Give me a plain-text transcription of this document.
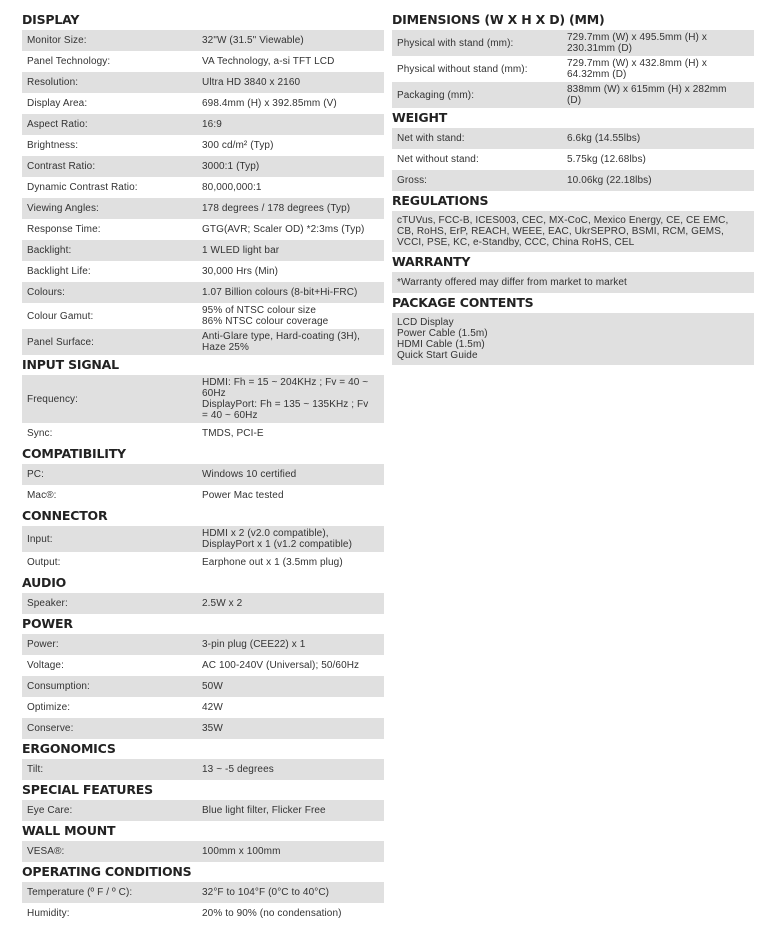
DISPLAY
Monitor Size:	32"W (31.5" Viewable)
Panel Technology:	VA Technology, a-si TFT LCD
Resolution:	Ultra HD 3840 x 2160
Display Area:	698.4mm (H) x 392.85mm (V)
Aspect Ratio:	16:9
Brightness:	300 cd/m² (Typ)
Contrast Ratio:	3000:1 (Typ)
Dynamic Contrast Ratio:	80,000,000:1
Viewing Angles:	178 degrees / 178 degrees (Typ)
Response Time:	GTG(AVR; Scaler OD) *2:3ms (Typ)
Backlight:	1 WLED light bar
Backlight Life:	30,000 Hrs (Min)
Colours:	1.07 Billion colours (8-bit+Hi-FRC)
Colour Gamut:	95% of NTSC colour size
86% NTSC colour coverage
Panel Surface:	Anti-Glare type, Hard-coating (3H),
Haze 25%
INPUT SIGNAL
Frequency:	HDMI: Fh = 15 ~ 204KHz ; Fv = 40 ~
60Hz
DisplayPort: Fh = 135 ~ 135KHz ; Fv
= 40 ~ 60Hz
Sync:	TMDS, PCI-E
COMPATIBILITY
PC:	Windows 10 certified
Mac®:	Power Mac tested
CONNECTOR
Input:	HDMI x 2 (v2.0 compatible),
DisplayPort x 1 (v1.2 compatible)
Output:	Earphone out x 1 (3.5mm plug)
AUDIO
Speaker:	2.5W x 2
POWER
Power:	3-pin plug (CEE22) x 1
Voltage:	AC 100-240V (Universal); 50/60Hz
Consumption:	50W
Optimize:	42W
Conserve:	35W
ERGONOMICS
Tilt:	13 ~ -5 degrees
SPECIAL FEATURES
Eye Care:	Blue light filter, Flicker Free
WALL MOUNT
VESA®:	100mm x 100mm
OPERATING CONDITIONS
Temperature (º F / º C):	32°F to 104°F (0°C to 40°C)
Humidity:	20% to 90% (no condensation)
DIMENSIONS (W X H X D) (MM)
Physical with stand (mm):	729.7mm (W) x 495.5mm (H) x
230.31mm (D)
Physical without stand (mm):	729.7mm (W) x 432.8mm (H) x
64.32mm (D)
Packaging (mm):	838mm (W) x 615mm (H) x 282mm
(D)
WEIGHT
Net with stand:	6.6kg (14.55lbs)
Net without stand:	5.75kg (12.68lbs)
Gross:	10.06kg (22.18lbs)
REGULATIONS
cTUVus, FCC-B, ICES003, CEC, MX-CoC, Mexico Energy, CE, CE EMC,
CB, RoHS, ErP, REACH, WEEE, EAC, UkrSEPRO, BSMI, RCM, GEMS,
VCCI, PSE, KC, e-Standby, CCC, China RoHS, CEL
WARRANTY
*Warranty offered may differ from market to market
PACKAGE CONTENTS
LCD Display
Power Cable (1.5m)
HDMI Cable (1.5m)
Quick Start Guide
